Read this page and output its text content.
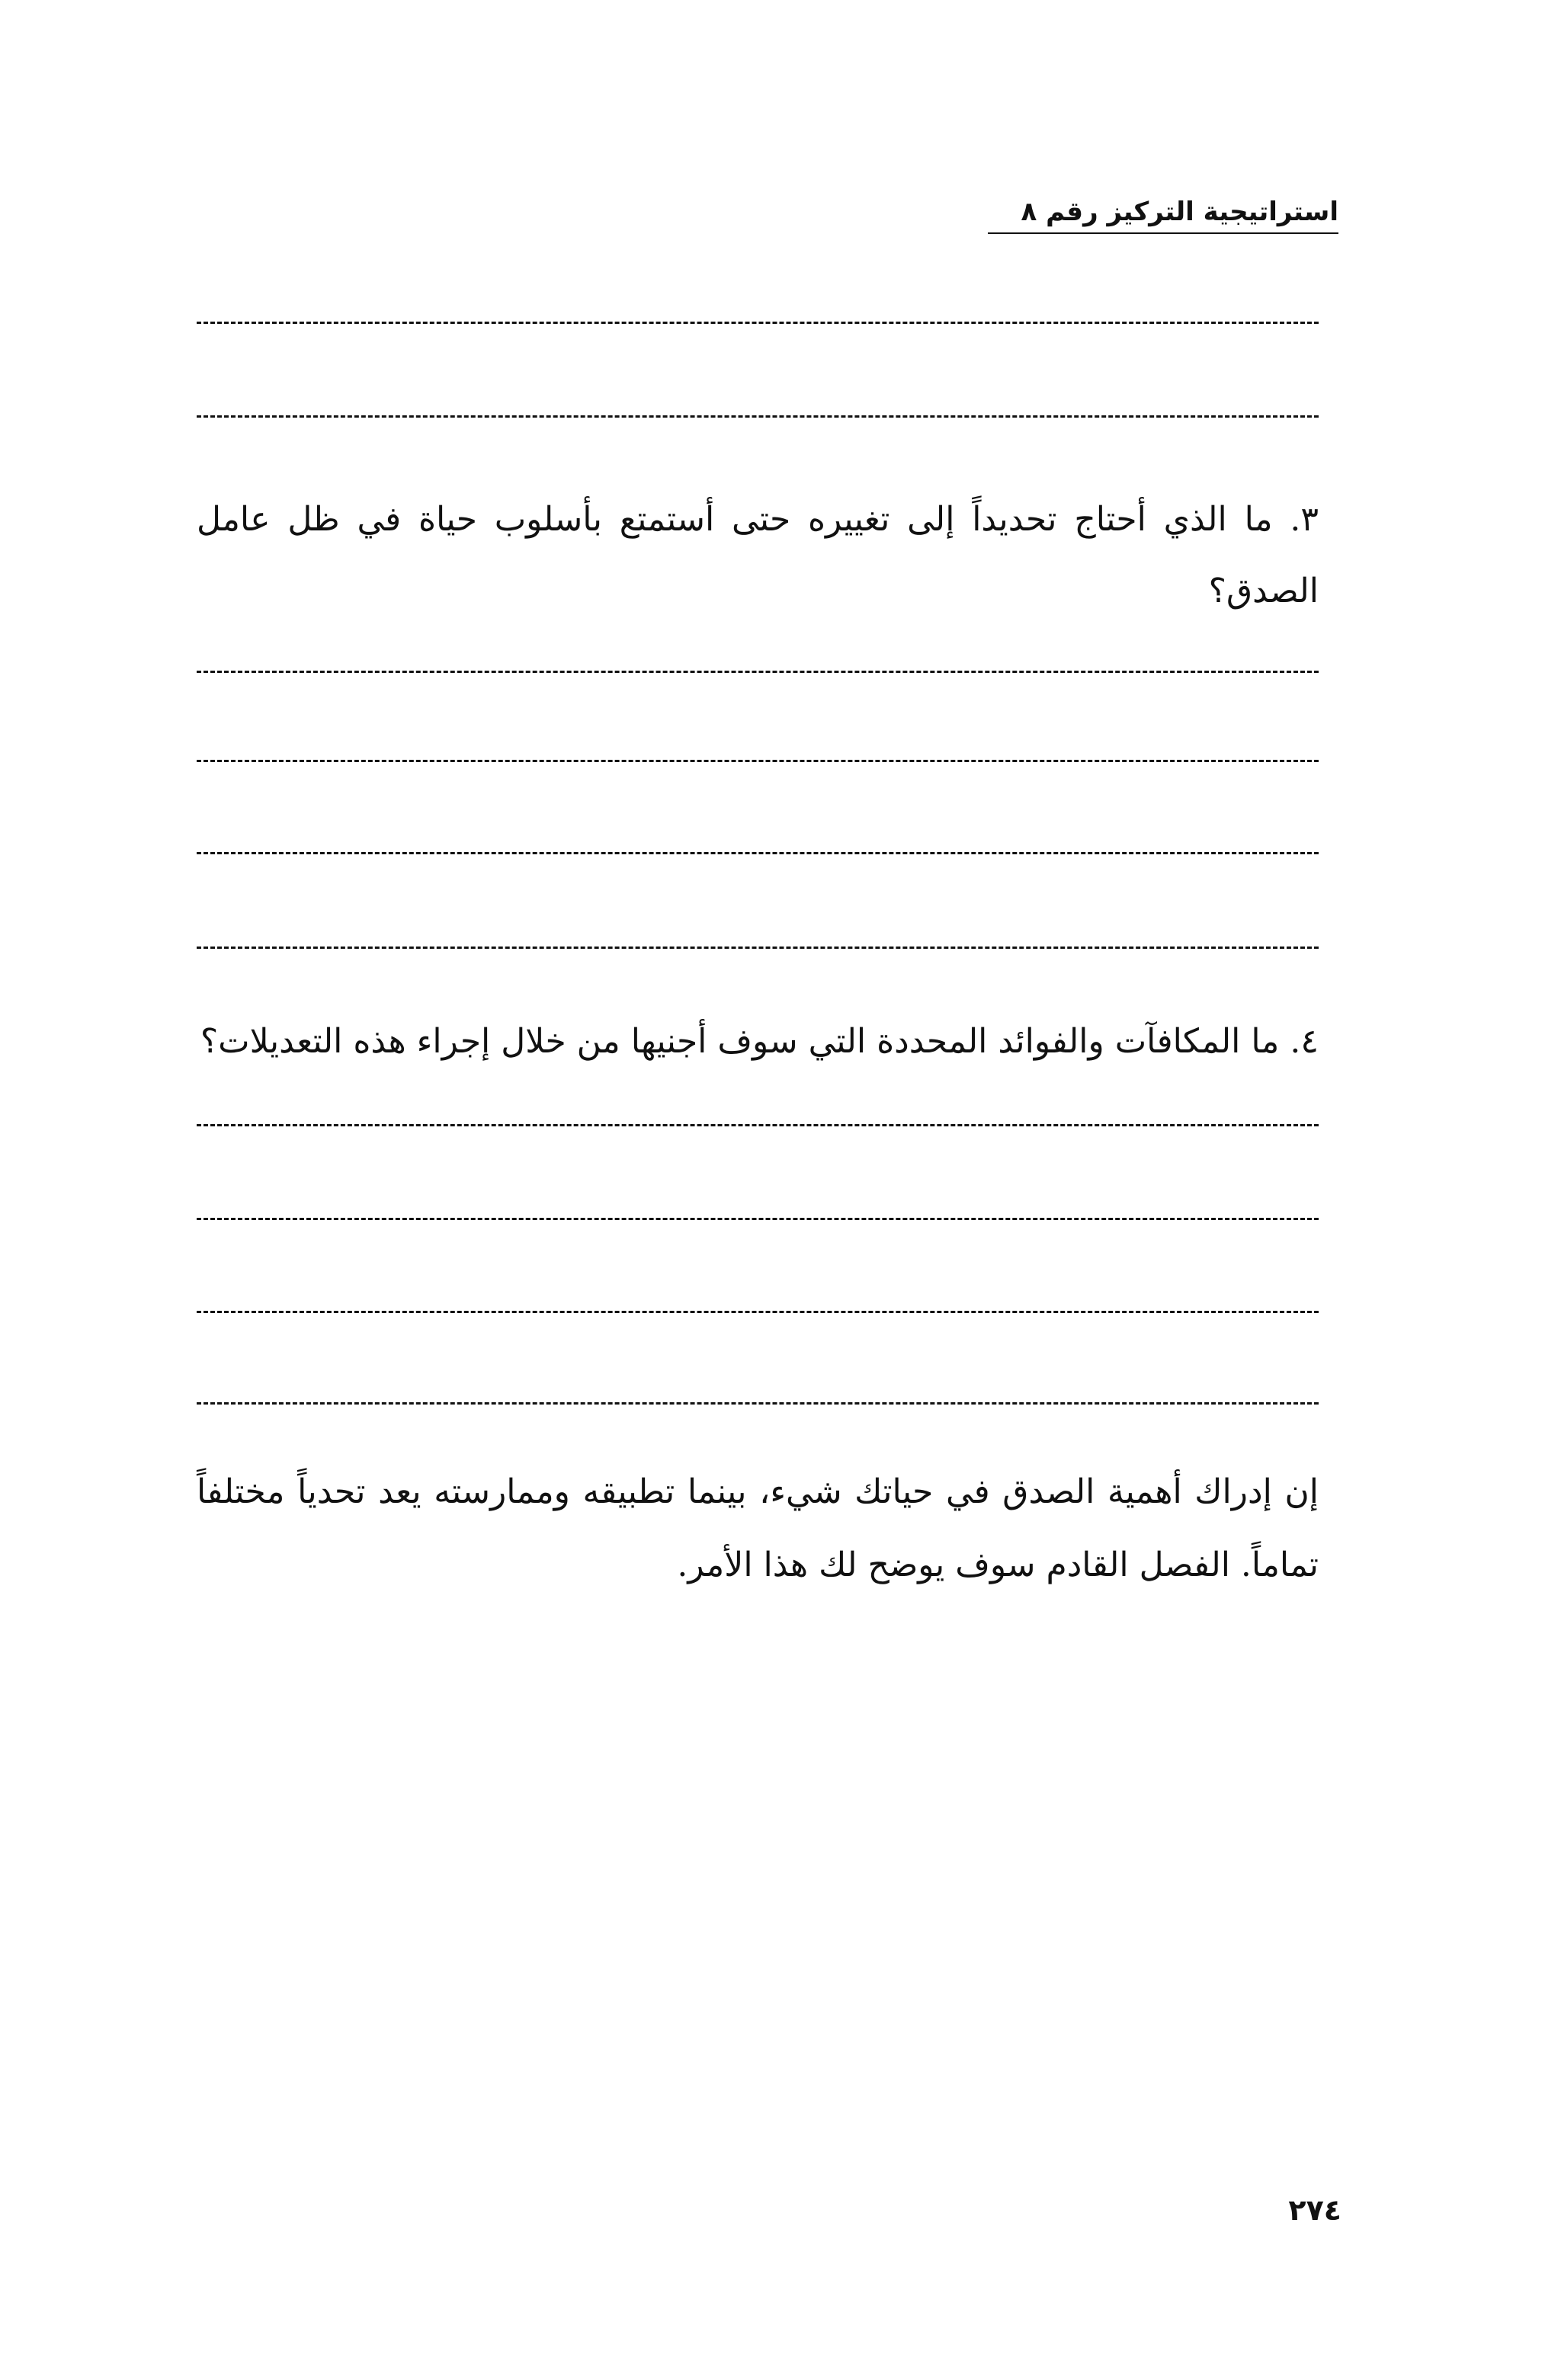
استراتيجية التركيز رقم ٨
٣. ما الذي أحتاج تحديداً إلى تغييره حتى أستمتع بأسلوب حياة في ظل عامل الصدق؟
٤. ما المكافآت والفوائد المحددة التي سوف أجنيها من خلال إجراء هذه التعديلات؟
إن إدراك أهمية الصدق في حياتك شيء، بينما تطبيقه وممارسته يعد تحدياً مختلفاً تماماً. الفصل القادم سوف يوضح لك هذا الأمر.
٢٧٤
